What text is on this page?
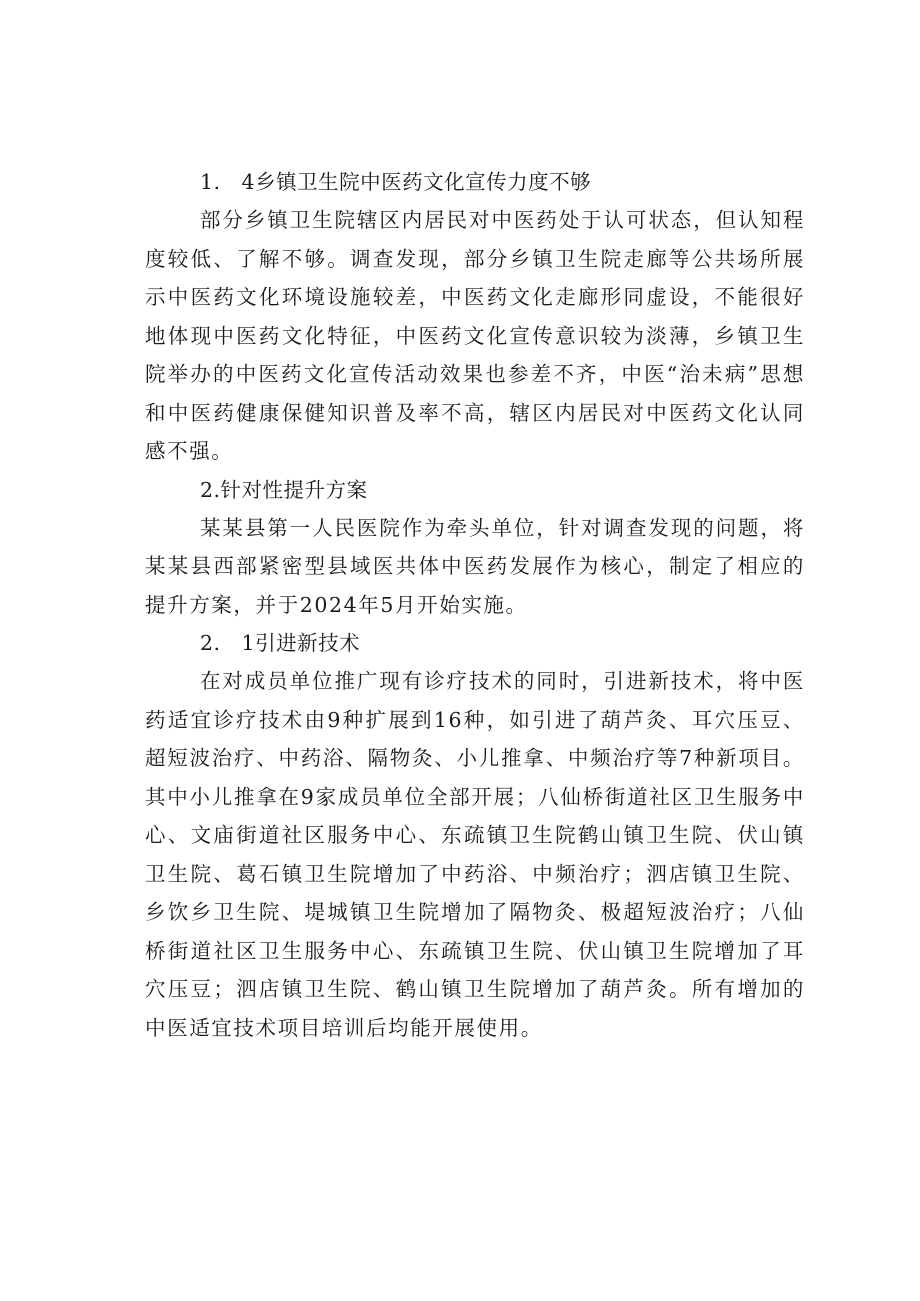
1.　4乡镇卫生院中医药文化宣传力度不够

部分乡镇卫生院辖区内居民对中医药处于认可状态，但认知程度较低、了解不够。调查发现，部分乡镇卫生院走廊等公共场所展示中医药文化环境设施较差，中医药文化走廊形同虚设，不能很好地体现中医药文化特征，中医药文化宣传意识较为淡薄，乡镇卫生院举办的中医药文化宣传活动效果也参差不齐，中医“治未病”思想和中医药健康保健知识普及率不高，辖区内居民对中医药文化认同感不强。

2.针对性提升方案

某某县第一人民医院作为牵头单位，针对调查发现的问题，将某某县西部紧密型县域医共体中医药发展作为核心，制定了相应的提升方案，并于2024年5月开始实施。

2.　1引进新技术

在对成员单位推广现有诊疗技术的同时，引进新技术，将中医药适宜诊疗技术由9种扩展到16种，如引进了葫芦灸、耳穴压豆、超短波治疗、中药浴、隔物灸、小儿推拿、中频治疗等7种新项目。其中小儿推拿在9家成员单位全部开展；八仙桥街道社区卫生服务中心、文庙街道社区服务中心、东疏镇卫生院鹤山镇卫生院、伏山镇卫生院、葛石镇卫生院增加了中药浴、中频治疗；泗店镇卫生院、乡饮乡卫生院、堤城镇卫生院增加了隔物灸、极超短波治疗；八仙桥街道社区卫生服务中心、东疏镇卫生院、伏山镇卫生院增加了耳穴压豆；泗店镇卫生院、鹤山镇卫生院增加了葫芦灸。所有增加的中医适宜技术项目培训后均能开展使用。
